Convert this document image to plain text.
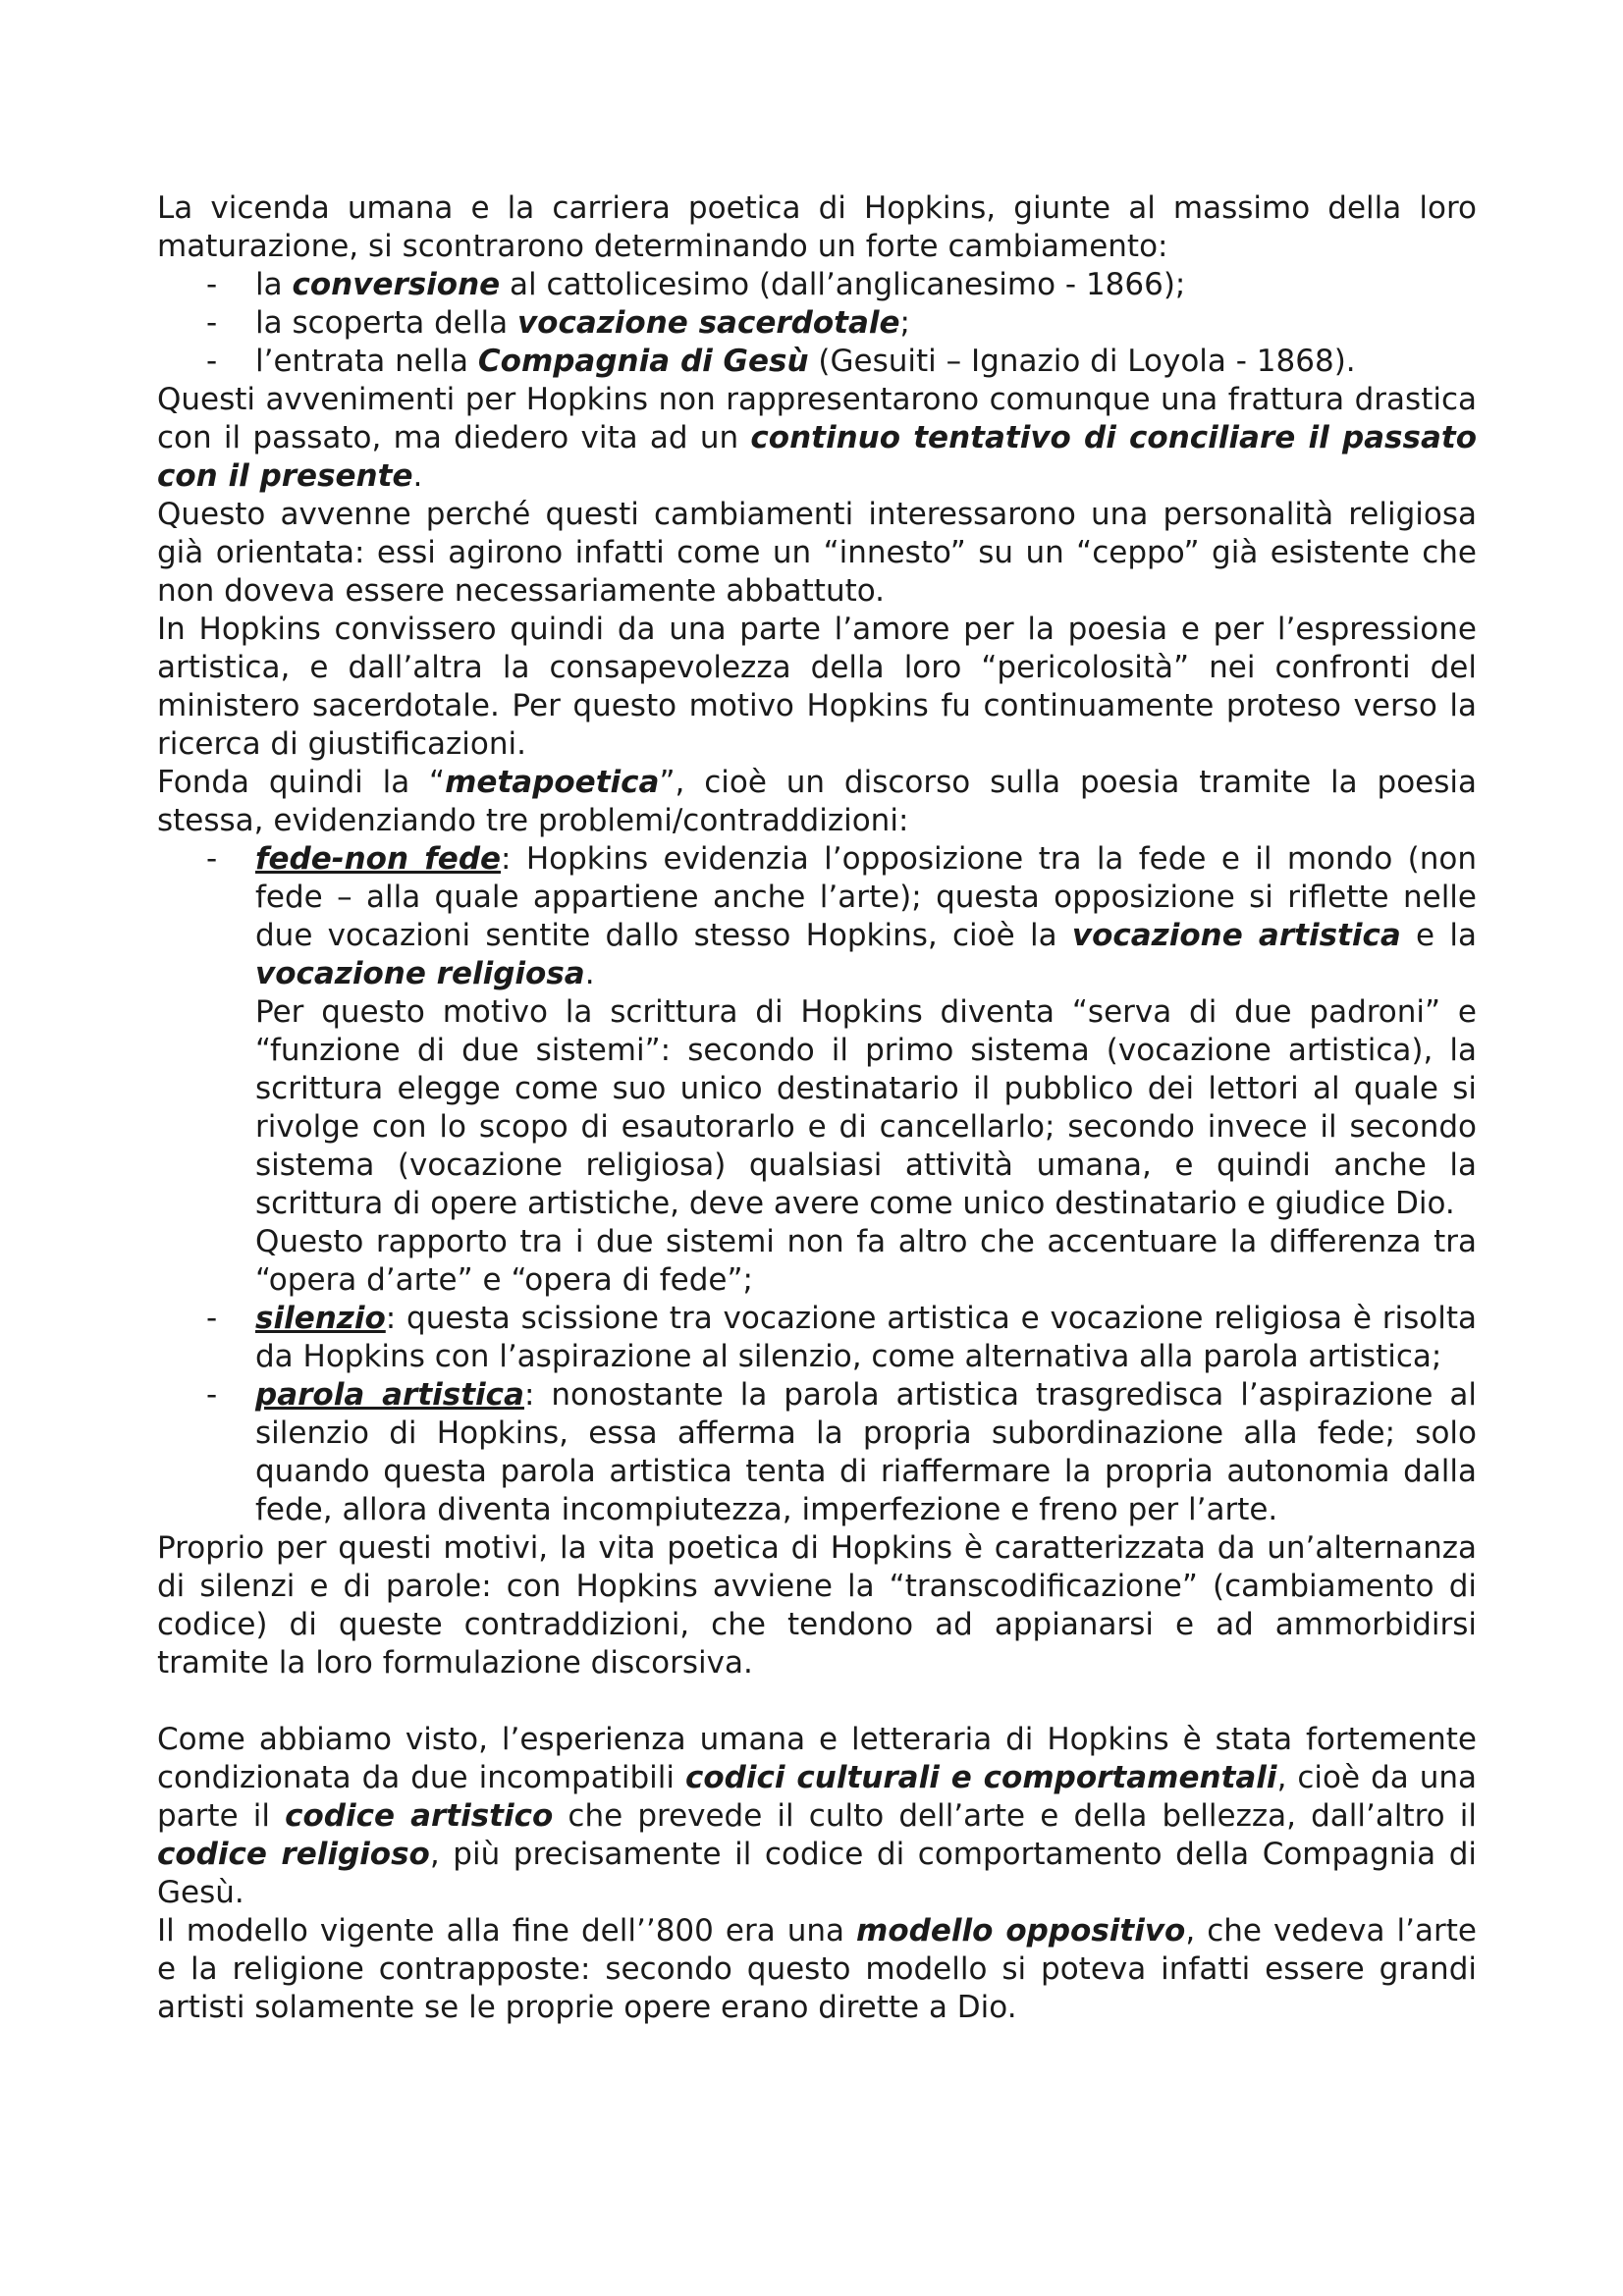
La vicenda umana e la carriera poetica di Hopkins, giunte al massimo della loro maturazione, si scontrarono determinando un forte cambiamento:

- la conversione al cattolicesimo (dall’anglicanesimo - 1866);
- la scoperta della vocazione sacerdotale;
- l’entrata nella Compagnia di Gesù (Gesuiti – Ignazio di Loyola - 1868).

Questi avvenimenti per Hopkins non rappresentarono comunque una frattura drastica con il passato, ma diedero vita ad un continuo tentativo di conciliare il passato con il presente.

Questo avvenne perché questi cambiamenti interessarono una personalità religiosa già orientata: essi agirono infatti come un “innesto” su un “ceppo” già esistente che non doveva essere necessariamente abbattuto.

In Hopkins convissero quindi da una parte l’amore per la poesia e per l’espressione artistica, e dall’altra la consapevolezza della loro “pericolosità” nei confronti del ministero sacerdotale. Per questo motivo Hopkins fu continuamente proteso verso la ricerca di giustificazioni.

Fonda quindi la “metapoetica”, cioè un discorso sulla poesia tramite la poesia stessa, evidenziando tre problemi/contraddizioni:

- fede-non fede: Hopkins evidenzia l’opposizione tra la fede e il mondo (non fede – alla quale appartiene anche l’arte); questa opposizione si riflette nelle due vocazioni sentite dallo stesso Hopkins, cioè la vocazione artistica e la vocazione religiosa.

Per questo motivo la scrittura di Hopkins diventa “serva di due padroni” e “funzione di due sistemi”: secondo il primo sistema (vocazione artistica), la scrittura elegge come suo unico destinatario il pubblico dei lettori al quale si rivolge con lo scopo di esautorarlo e di cancellarlo; secondo invece il secondo sistema (vocazione religiosa) qualsiasi attività umana, e quindi anche la scrittura di opere artistiche, deve avere come unico destinatario e giudice Dio.

Questo rapporto tra i due sistemi non fa altro che accentuare la differenza tra “opera d’arte” e “opera di fede”;

- silenzio: questa scissione tra vocazione artistica e vocazione religiosa è risolta da Hopkins con l’aspirazione al silenzio, come alternativa alla parola artistica;

- parola artistica: nonostante la parola artistica trasgredisca l’aspirazione al silenzio di Hopkins, essa afferma la propria subordinazione alla fede; solo quando questa parola artistica tenta di riaffermare la propria autonomia dalla fede, allora diventa incompiutezza, imperfezione e freno per l’arte.

Proprio per questi motivi, la vita poetica di Hopkins è caratterizzata da un’alternanza di silenzi e di parole: con Hopkins avviene la “transcodificazione” (cambiamento di codice) di queste contraddizioni, che tendono ad appianarsi e ad ammorbidirsi tramite la loro formulazione discorsiva.

Come abbiamo visto, l’esperienza umana e letteraria di Hopkins è stata fortemente condizionata da due incompatibili codici culturali e comportamentali, cioè da una parte il codice artistico che prevede il culto dell’arte e della bellezza, dall’altro il codice religioso, più precisamente il codice di comportamento della Compagnia di Gesù.

Il modello vigente alla fine dell’’800 era una modello oppositivo, che vedeva l’arte e la religione contrapposte: secondo questo modello si poteva infatti essere grandi artisti solamente se le proprie opere erano dirette a Dio.
